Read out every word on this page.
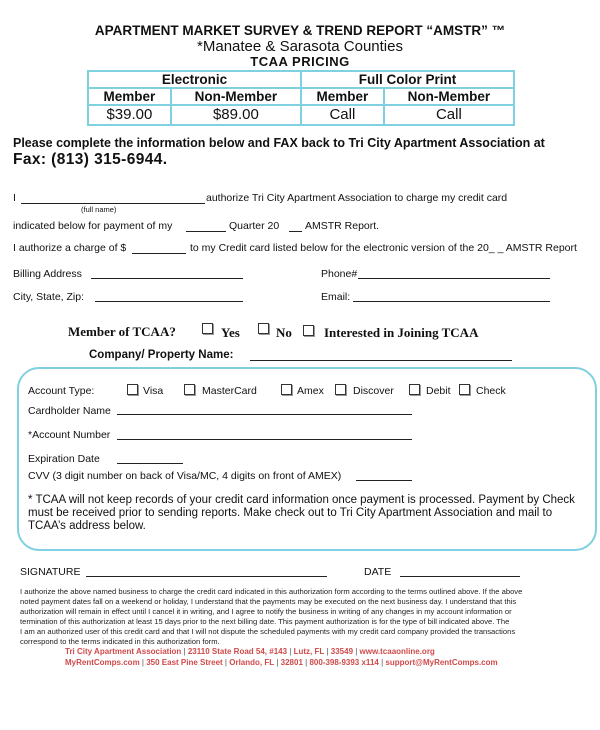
APARTMENT MARKET SURVEY & TREND REPORT “AMSTR” ™
*Manatee & Sarasota Counties
TCAA PRICING
Electronic		Full Color Print	
Member	Non-Member	Member	Non-Member
$39.00	$89.00	Call	Call
Please complete the information below and FAX back to Tri City Apartment Association at
Fax: (813) 315-6944.
I	authorize Tri City Apartment Association to charge my credit card
(full name)
indicated below for payment of my	Quarter 20 AMSTR Report.
I authorize a charge of $	to my Credit card listed below for the electronic version of the 20_ _ AMSTR Report
Billing Address	Phone#
City, State, Zip:	Email:
Member of TCAA?	Yes	No Interested in Joining TCAA
Company/ Property Name:
Account Type:	Visa	MasterCard	Amex	Discover	Debit Check
Cardholder Name
*Account Number
Expiration Date
CVV (3 digit number on back of Visa/MC, 4 digits on front of AMEX)
* TCAA will not keep records of your credit card information once payment is processed. Payment by Check must be received prior to sending reports. Make check out to Tri City Apartment Association and mail to TCAA’s address below.
SIGNATURE	DATE
I authorize the above named business to charge the credit card indicated in this authorization form according to the terms outlined above. If the above
noted payment dates fall on a weekend or holiday, I understand that the payments may be executed on the next business day. I understand that this
authorization will remain in effect until I cancel it in writing, and I agree to notify the business in writing of any changes in my account information or
termination of this authorization at least 15 days prior to the next billing date. This payment authorization is for the type of bill indicated above. The
I am an authorized user of this credit card and that I will not dispute the scheduled payments with my credit card company provided the transactions
correspond to the terms indicated in this authorization form.
Tri City Apartment Association | 23110 State Road 54, #143 | Lutz, FL | 33549 | www.tcaaonline.org
MyRentComps.com | 350 East Pine Street | Orlando, FL | 32801 | 800-398-9393 x114 | support@MyRentComps.com
